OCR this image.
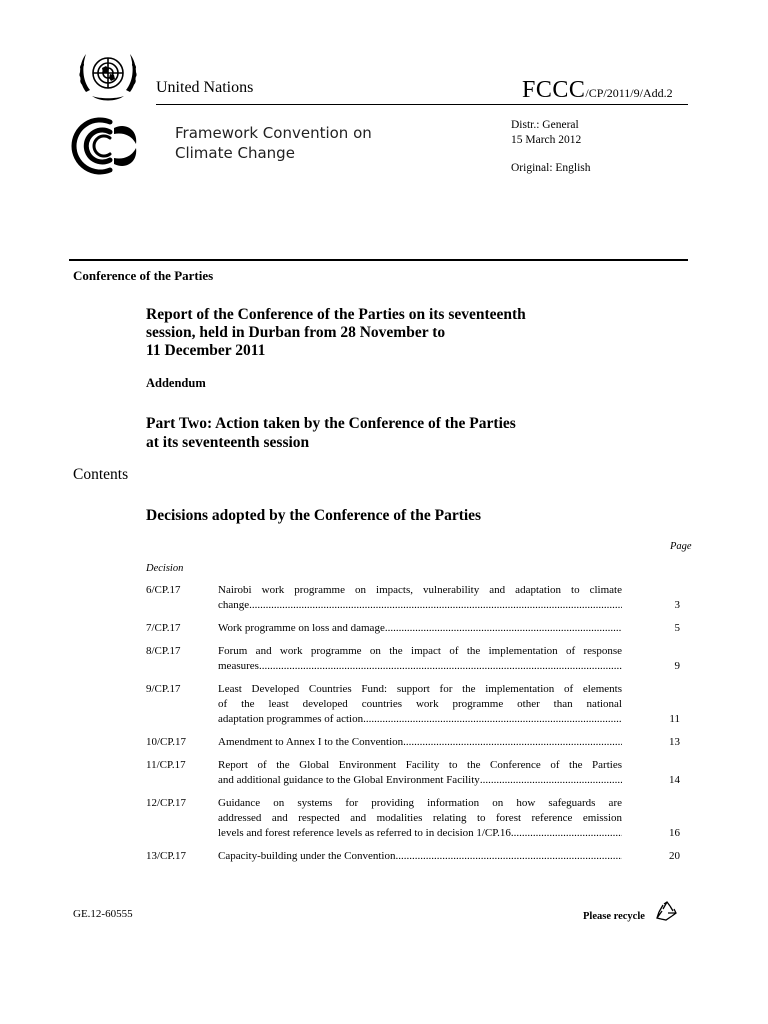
United Nations	FCCC/CP/2011/9/Add.2
Framework Convention on
Climate Change
Distr.: General
15 March 2012
Original: English
Conference of the Parties
Report of the Conference of the Parties on its seventeenth
session, held in Durban from 28 November to
11 December 2011
Addendum
Part Two: Action taken by the Conference of the Parties
at its seventeenth session
Contents
Decisions adopted by the Conference of the Parties
Page
Decision
6/CP.17	Nairobi work programme on impacts, vulnerability and adaptation to climate
change .....	3
7/CP.17	Work programme on loss and damage .....	5
8/CP.17	Forum and work programme on the impact of the implementation of response
measures .....	9
9/CP.17	Least Developed Countries Fund: support for the implementation of elements
of the least developed countries work programme other than national
adaptation programmes of action .....	11
10/CP.17	Amendment to Annex I to the Convention .....	13
11/CP.17	Report of the Global Environment Facility to the Conference of the Parties
and additional guidance to the Global Environment Facility .....	14
12/CP.17	Guidance on systems for providing information on how safeguards are
addressed and respected and modalities relating to forest reference emission
levels and forest reference levels as referred to in decision 1/CP.16 .....	16
13/CP.17	Capacity-building under the Convention .....	20
GE.12-60555	Please recycle
